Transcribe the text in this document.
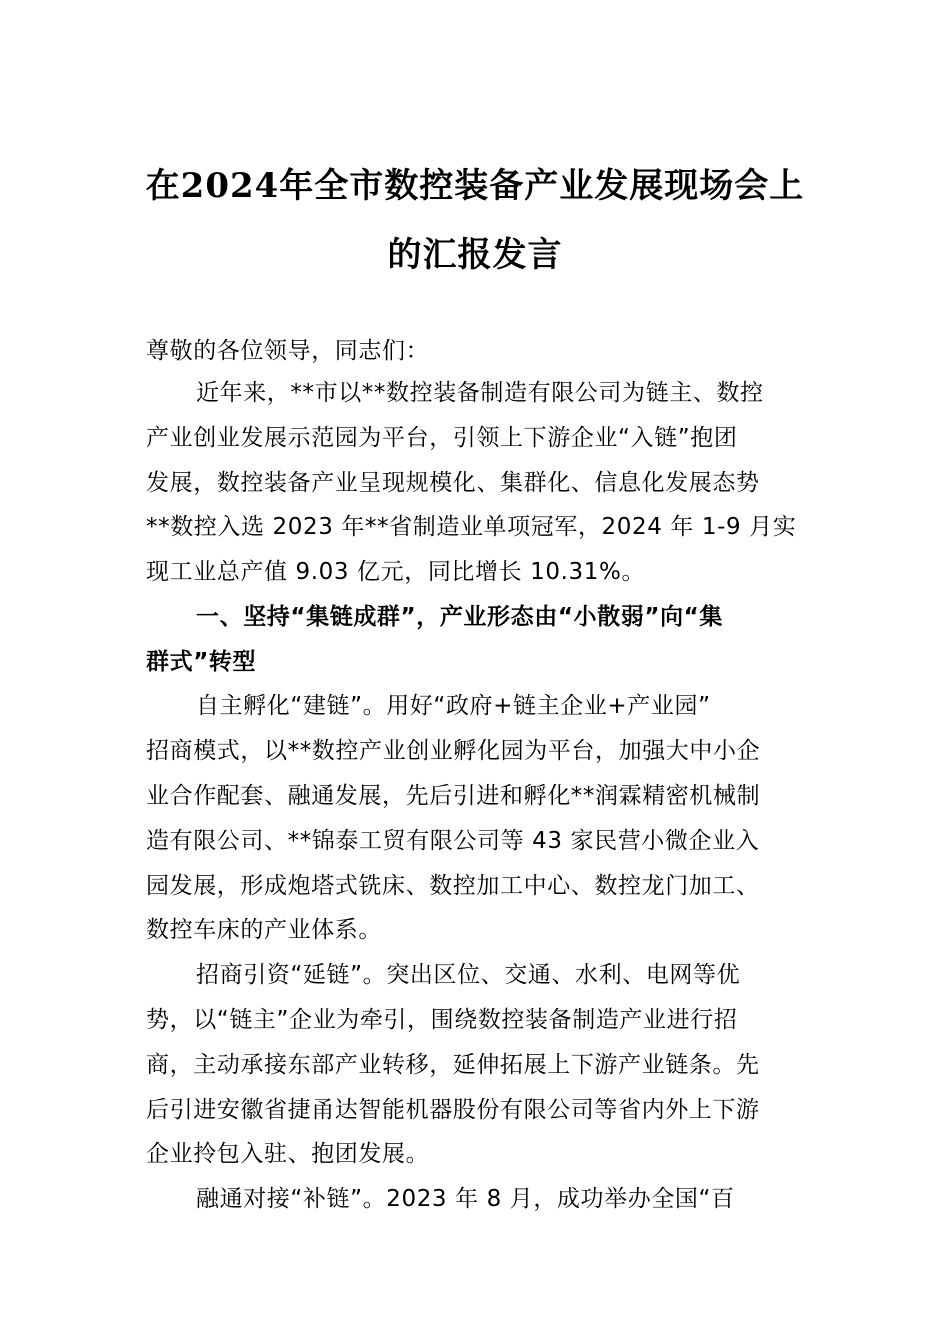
在2024年全市数控装备产业发展现场会上
的汇报发言
尊敬的各位领导，同志们：
近年来，**市以**数控装备制造有限公司为链主、数控
产业创业发展示范园为平台，引领上下游企业“入链”抱团
发展，数控装备产业呈现规模化、集群化、信息化发展态势
**数控入选 2023 年**省制造业单项冠军，2024 年 1-9 月实
现工业总产值 9.03 亿元，同比增长 10.31%。
一、坚持“集链成群”，产业形态由“小散弱”向“集
群式”转型
自主孵化“建链”。用好“政府+链主企业+产业园”
招商模式，以**数控产业创业孵化园为平台，加强大中小企
业合作配套、融通发展，先后引进和孵化**润霖精密机械制
造有限公司、**锦泰工贸有限公司等 43 家民营小微企业入
园发展，形成炮塔式铣床、数控加工中心、数控龙门加工、
数控车床的产业体系。
招商引资“延链”。突出区位、交通、水利、电网等优
势，以“链主”企业为牵引，围绕数控装备制造产业进行招
商，主动承接东部产业转移，延伸拓展上下游产业链条。先
后引进安徽省捷甬达智能机器股份有限公司等省内外上下游
企业拎包入驻、抱团发展。
融通对接“补链”。2023 年 8 月，成功举办全国“百
